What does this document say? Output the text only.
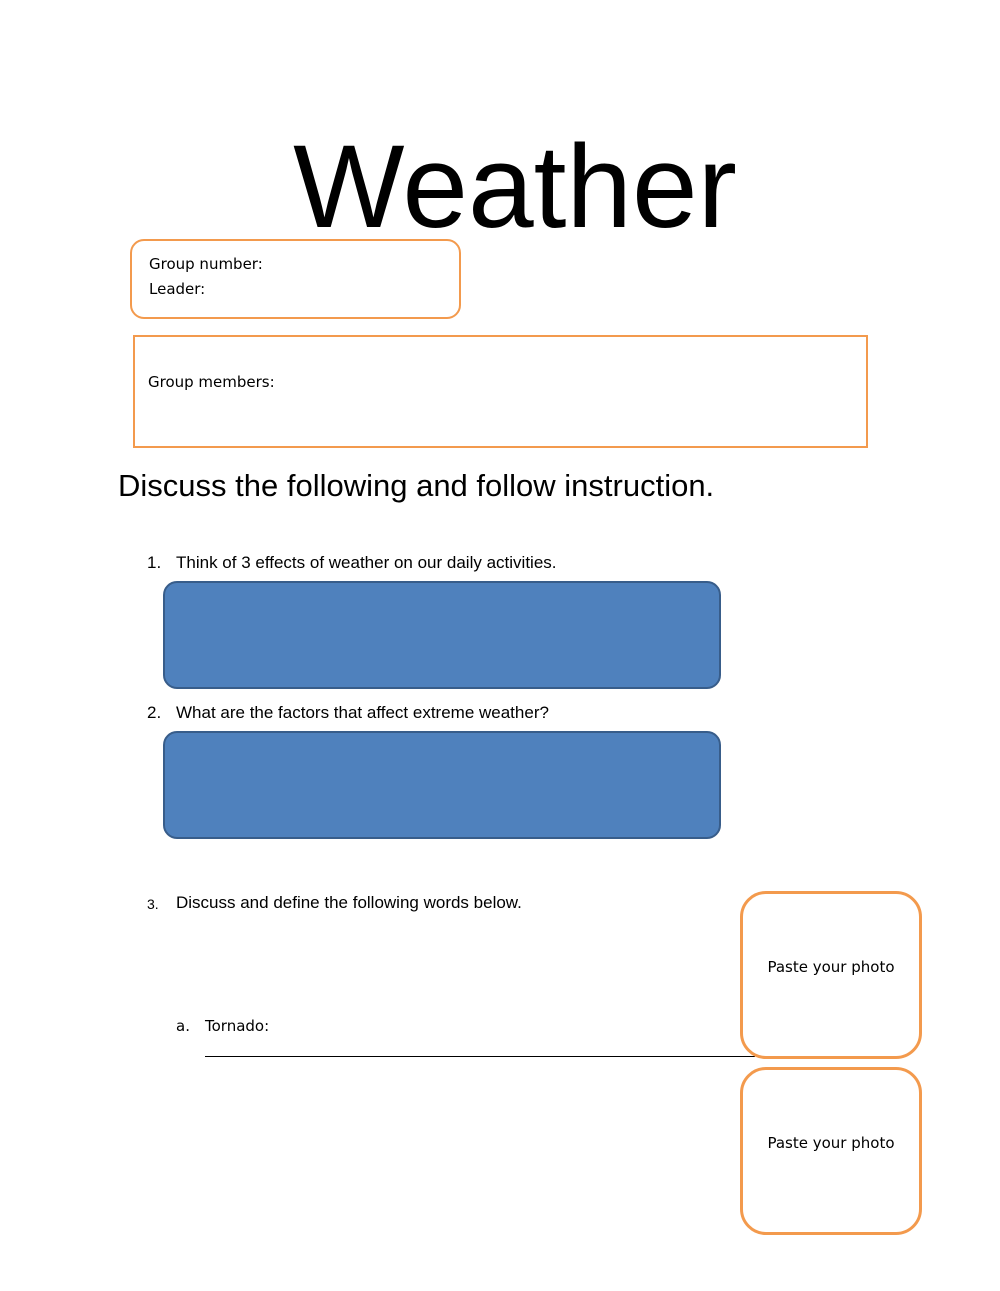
Weather
Group number:
Leader:
Group members:
Discuss the following and follow instruction.
1. Think of 3 effects of weather on our daily activities.
2. What are the factors that affect extreme weather?
3. Discuss and define the following words below.
a. Tornado:
Paste your photo
Paste your photo
